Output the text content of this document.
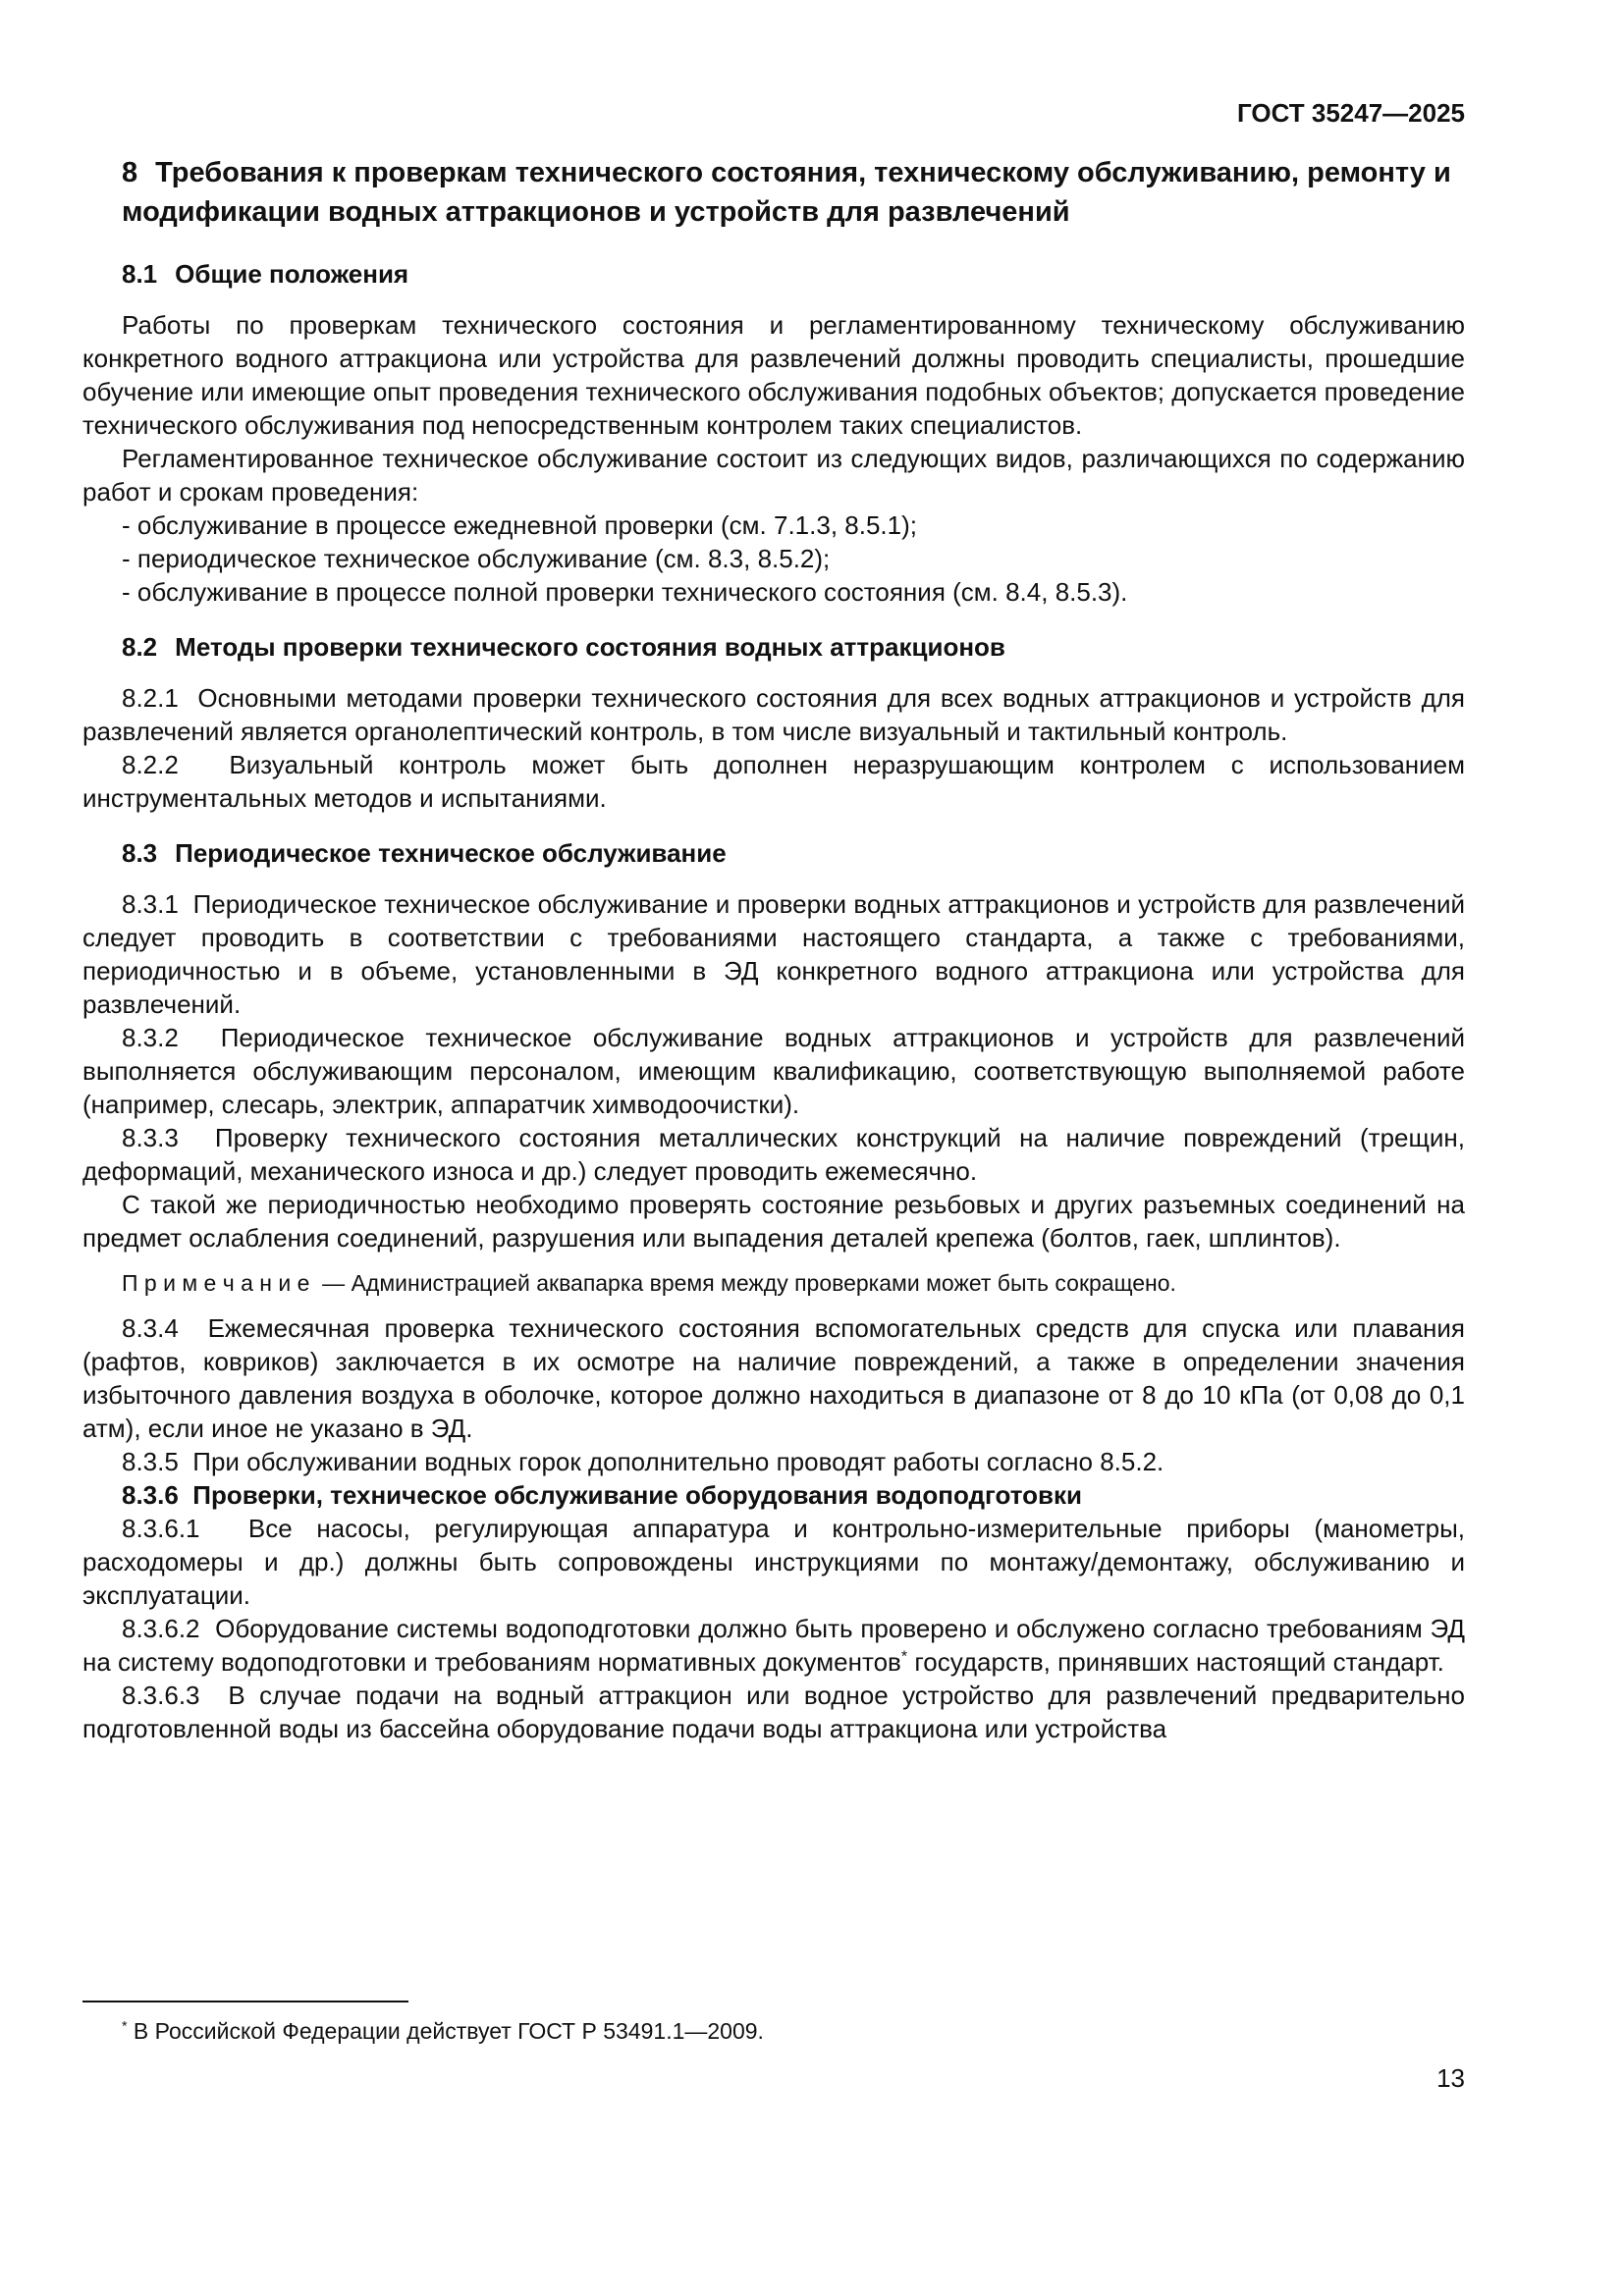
ГОСТ 35247—2025
8 Требования к проверкам технического состояния, техническому обслуживанию, ремонту и модификации водных аттракционов и устройств для развлечений
8.1 Общие положения

Работы по проверкам технического состояния и регламентированному техническому обслуживанию конкретного водного аттракциона или устройства для развлечений должны проводить специалисты, прошедшие обучение или имеющие опыт проведения технического обслуживания подобных объектов; допускается проведение технического обслуживания под непосредственным контролем таких специалистов.

Регламентированное техническое обслуживание состоит из следующих видов, различающихся по содержанию работ и срокам проведения:

- обслуживание в процессе ежедневной проверки (см. 7.1.3, 8.5.1);

- периодическое техническое обслуживание (см. 8.3, 8.5.2);

- обслуживание в процессе полной проверки технического состояния (см. 8.4, 8.5.3).

8.2 Методы проверки технического состояния водных аттракционов

8.2.1  Основными методами проверки технического состояния для всех водных аттракционов и устройств для развлечений является органолептический контроль, в том числе визуальный и тактильный контроль.

8.2.2  Визуальный контроль может быть дополнен неразрушающим контролем с использованием инструментальных методов и испытаниями.

8.3 Периодическое техническое обслуживание

8.3.1  Периодическое техническое обслуживание и проверки водных аттракционов и устройств для развлечений следует проводить в соответствии с требованиями настоящего стандарта, а также с требованиями, периодичностью и в объеме, установленными в ЭД конкретного водного аттракциона или устройства для развлечений.

8.3.2  Периодическое техническое обслуживание водных аттракционов и устройств для развлечений выполняется обслуживающим персоналом, имеющим квалификацию, соответствующую выполняемой работе (например, слесарь, электрик, аппаратчик химводоочистки).

8.3.3  Проверку технического состояния металлических конструкций на наличие повреждений (трещин, деформаций, механического износа и др.) следует проводить ежемесячно.

С такой же периодичностью необходимо проверять состояние резьбовых и других разъемных соединений на предмет ослабления соединений, разрушения или выпадения деталей крепежа (болтов, гаек, шплинтов).

П р и м е ч а н и е  — Администрацией аквапарка время между проверками может быть сокращено.

8.3.4  Ежемесячная проверка технического состояния вспомогательных средств для спуска или плавания (рафтов, ковриков) заключается в их осмотре на наличие повреждений, а также в определении значения избыточного давления воздуха в оболочке, которое должно находиться в диапазоне от 8 до 10 кПа (от 0,08 до 0,1 атм), если иное не указано в ЭД.

8.3.5  При обслуживании водных горок дополнительно проводят работы согласно 8.5.2.

8.3.6  Проверки, техническое обслуживание оборудования водоподготовки

8.3.6.1  Все насосы, регулирующая аппаратура и контрольно-измерительные приборы (манометры, расходомеры и др.) должны быть сопровождены инструкциями по монтажу/демонтажу, обслуживанию и эксплуатации.

8.3.6.2  Оборудование системы водоподготовки должно быть проверено и обслужено согласно требованиям ЭД на систему водоподготовки и требованиям нормативных документов* государств, принявших настоящий стандарт.

8.3.6.3  В случае подачи на водный аттракцион или водное устройство для развлечений предварительно подготовленной воды из бассейна оборудование подачи воды аттракциона или устройства

* В Российской Федерации действует ГОСТ Р 53491.1—2009.

13
